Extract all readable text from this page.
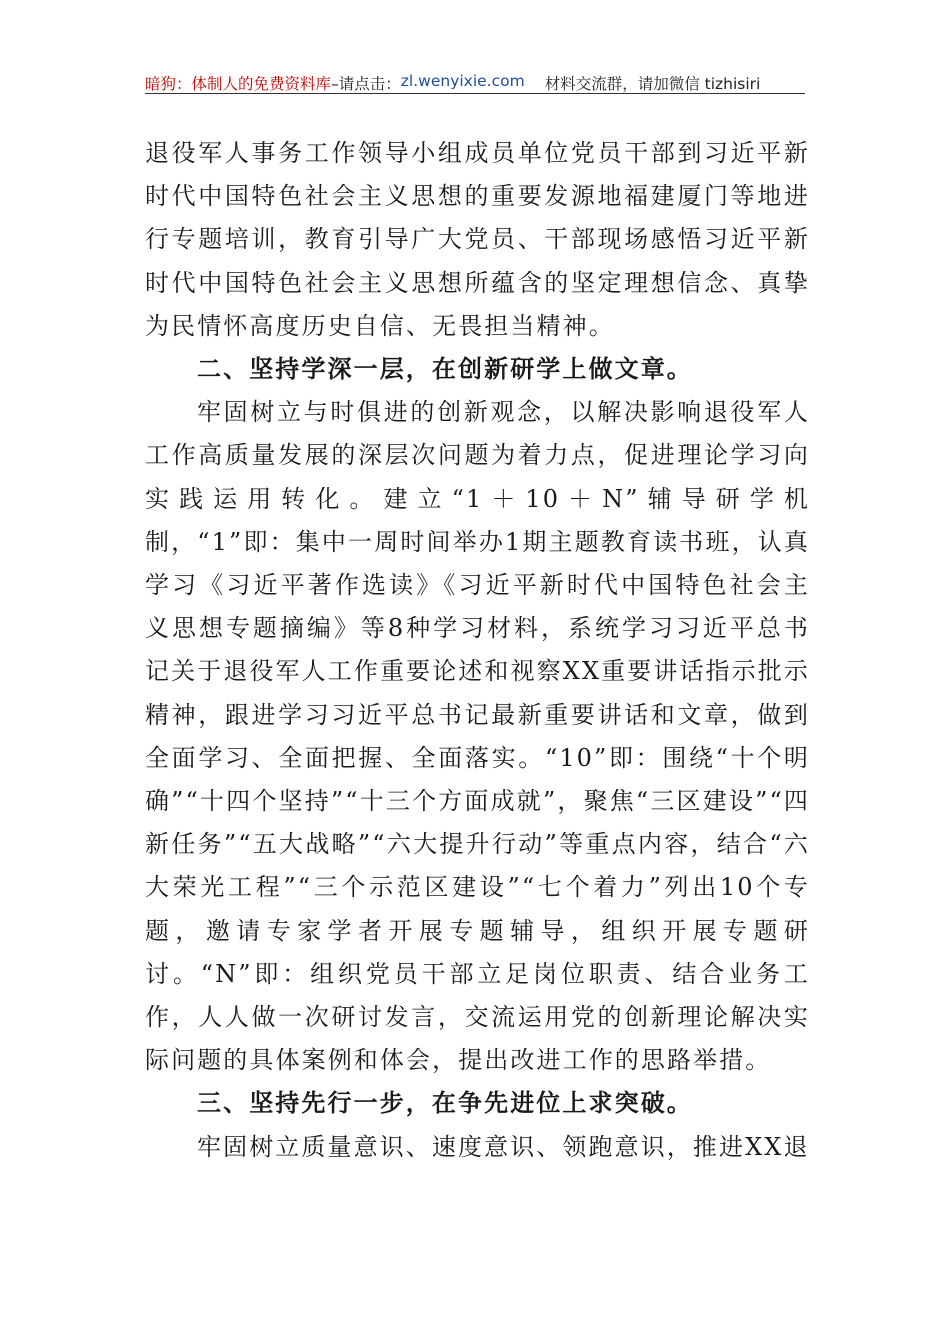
暗狗：体制人的免费资料库 –请点击： zl.wenyixie.com 材料交流群，请加微信 tizhisiri

退役军人事务工作领导小组成员单位党员干部到习近平新时代中国特色社会主义思想的重要发源地福建厦门等地进行专题培训，教育引导广大党员、干部现场感悟习近平新时代中国特色社会主义思想所蕴含的坚定理想信念、真挚为民情怀高度历史自信、无畏担当精神。

二、坚持学深一层，在创新研学上做文章。

牢固树立与时俱进的创新观念，以解决影响退役军人工作高质量发展的深层次问题为着力点，促进理论学习向实践运用转化。建立“1＋10＋N”辅导研学机制，“1”即：集中一周时间举办1期主题教育读书班，认真学习《习近平著作选读》《习近平新时代中国特色社会主义思想专题摘编》等8种学习材料，系统学习习近平总书记关于退役军人工作重要论述和视察XX重要讲话指示批示精神，跟进学习习近平总书记最新重要讲话和文章，做到全面学习、全面把握、全面落实。“10”即：围绕“十个明确”“十四个坚持”“十三个方面成就”，聚焦“三区建设”“四新任务”“五大战略”“六大提升行动”等重点内容，结合“六大荣光工程”“三个示范区建设”“七个着力”列出10个专题，邀请专家学者开展专题辅导，组织开展专题研讨。“N”即：组织党员干部立足岗位职责、结合业务工作，人人做一次研讨发言，交流运用党的创新理论解决实际问题的具体案例和体会，提出改进工作的思路举措。

三、坚持先行一步，在争先进位上求突破。

牢固树立质量意识、速度意识、领跑意识，推进XX退
